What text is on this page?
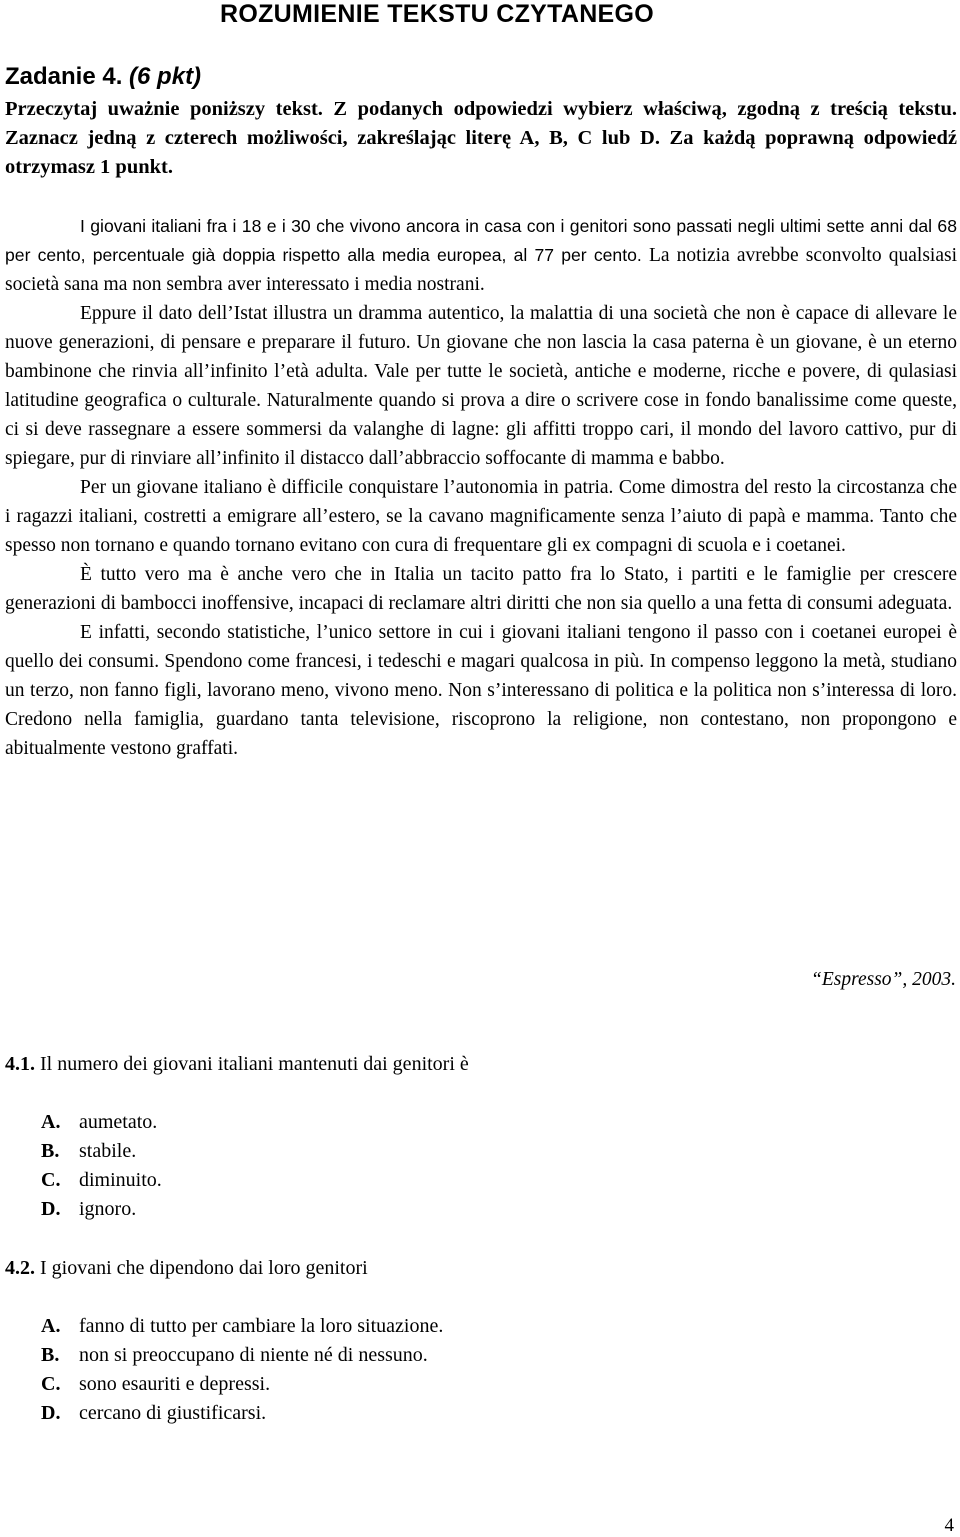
ROZUMIENIE TEKSTU CZYTANEGO

Zadanie 4. (6 pkt)

Przeczytaj uważnie poniższy tekst. Z podanych odpowiedzi wybierz właściwą, zgodną z treścią tekstu. Zaznacz jedną z czterech możliwości, zakreślając literę A, B, C lub D. Za każdą poprawną odpowiedź otrzymasz 1 punkt.

I giovani italiani fra i 18 e i 30 che vivono ancora in casa con i genitori sono passati negli ultimi sette anni dal 68 per cento, percentuale già doppia rispetto alla media europea, al 77 per cento. La notizia avrebbe sconvolto qualsiasi società sana ma non sembra aver interessato i media nostrani.

Eppure il dato dell’Istat illustra un dramma autentico, la malattia di una società che non è capace di allevare le nuove generazioni, di pensare e preparare il futuro. Un giovane che non lascia la casa paterna è un giovane, è un eterno bambinone che rinvia all’infinito l’età adulta. Vale per tutte le società, antiche e moderne, ricche e povere, di qulasiasi latitudine geografica o culturale. Naturalmente quando si prova a dire o scrivere cose in fondo banalissime come queste, ci si deve rassegnare a essere sommersi da valanghe di lagne: gli affitti troppo cari, il mondo del lavoro cattivo, pur di spiegare, pur di rinviare all’infinito il distacco dall’abbraccio soffocante di mamma e babbo.

Per un giovane italiano è difficile conquistare l’autonomia in patria. Come dimostra del resto la circostanza che i ragazzi italiani, costretti a emigrare all’estero, se la cavano magnificamente senza l’aiuto di papà e mamma. Tanto che spesso non tornano e quando tornano evitano con cura di frequentare gli ex compagni di scuola e i coetanei.

È tutto vero ma è anche vero che in Italia un tacito patto fra lo Stato, i partiti e le famiglie per crescere generazioni di bamboccі inoffensive, incapaci di reclamare altri diritti che non sia quello a una fetta di consumi adeguata.

E infatti, secondo statistiche, l’unico settore in cui i giovani italiani tengono il passo con i coetanei europei è quello dei consumi. Spendono come francesi, i tedeschi e magari qualcosa in più. In compenso leggono la metà, studiano un terzo, non fanno figli, lavorano meno, vivono meno. Non s’interessano di politica e la politica non s’interessa di loro. Credono nella famiglia, guardano tanta televisione, riscoprono la religione, non contestano, non propongono e abitualmente vestono graffati.

“Espresso”, 2003.

4.1. Il numero dei giovani italiani mantenuti dai genitori è

A. aumetato.
B. stabile.
C. diminuito.
D. ignoro.

4.2. I giovani che dipendono dai loro genitori

A. fanno di tutto per cambiare la loro situazione.
B. non si preoccupano di niente né di nessuno.
C. sono esauriti e depressi.
D. cercano di giustificarsi.
4
